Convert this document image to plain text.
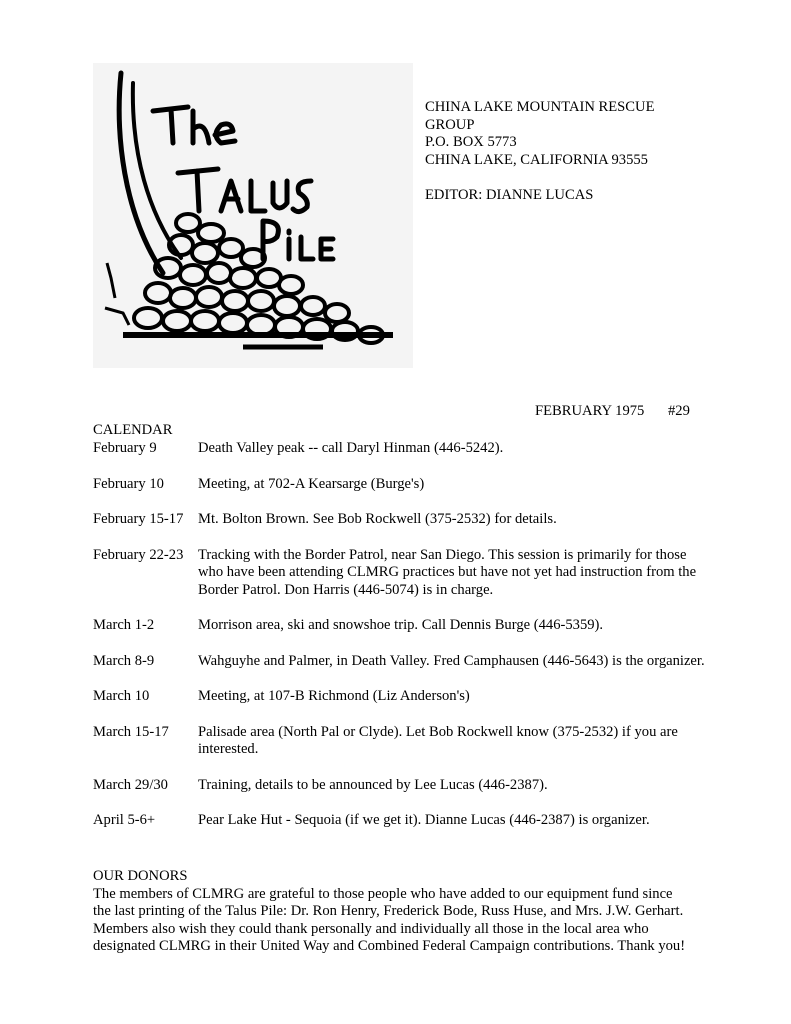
CHINA LAKE MOUNTAIN RESCUE
GROUP
P.O. BOX 5773
CHINA LAKE, CALIFORNIA 93555
EDITOR: DIANNE LUCAS
FEBRUARY 1975 #29
CALENDAR
February 9	Death Valley peak -- call Daryl Hinman (446-5242).
February 10	Meeting, at 702-A Kearsarge (Burge's)
February 15-17	Mt. Bolton Brown. See Bob Rockwell (375-2532) for details.
February 22-23	Tracking with the Border Patrol, near San Diego. This session is primarily for those who have been attending CLMRG practices but have not yet had instruction from the Border Patrol. Don Harris (446-5074) is in charge.
March 1-2	Morrison area, ski and snowshoe trip. Call Dennis Burge (446-5359).
March 8-9	Wahguyhe and Palmer, in Death Valley. Fred Camphausen (446-5643) is the organizer.
March 10	Meeting, at 107-B Richmond (Liz Anderson's)
March 15-17	Palisade area (North Pal or Clyde). Let Bob Rockwell know (375-2532) if you are interested.
March 29/30	Training, details to be announced by Lee Lucas (446-2387).
April 5-6+	Pear Lake Hut - Sequoia (if we get it). Dianne Lucas (446-2387) is organizer.
OUR DONORS
The members of CLMRG are grateful to those people who have added to our equipment fund since the last printing of the Talus Pile: Dr. Ron Henry, Frederick Bode, Russ Huse, and Mrs. J.W. Gerhart. Members also wish they could thank personally and individually all those in the local area who designated CLMRG in their United Way and Combined Federal Campaign contributions. Thank you!
